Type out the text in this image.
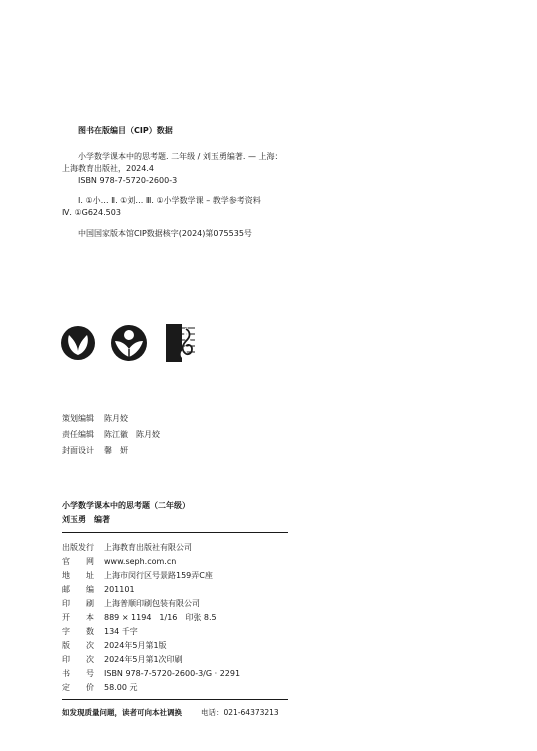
图书在版编目（CIP）数据
小学数学课本中的思考题. 二年级 / 刘玉勇编著. — 上海：
上海教育出版社，2024.4
ISBN 978-7-5720-2600-3
Ⅰ. ①小… Ⅱ. ①刘… Ⅲ. ①小学数学课 – 教学参考资料
Ⅳ. ①G624.503
中国国家版本馆CIP数据核字(2024)第075535号
策划编辑	陈月姣
责任编辑	陈江徽　陈月姣
封面设计	馨　妍
小学数学课本中的思考题（二年级）
刘玉勇　编著
出版发行	上海教育出版社有限公司
官　　网	www.seph.com.cn
地　　址	上海市闵行区号景路159弄C座
邮　　编	201101
印　　刷	上海普顺印刷包装有限公司
开　　本	889 × 1194　1/16　印张 8.5
字　　数	134 千字
版　　次	2024年5月第1版
印　　次	2024年5月第1次印刷
书　　号	ISBN 978-7-5720-2600-3/G · 2291
定　　价	58.00 元
如发现质量问题，读者可向本社调换	电话：021-64373213
